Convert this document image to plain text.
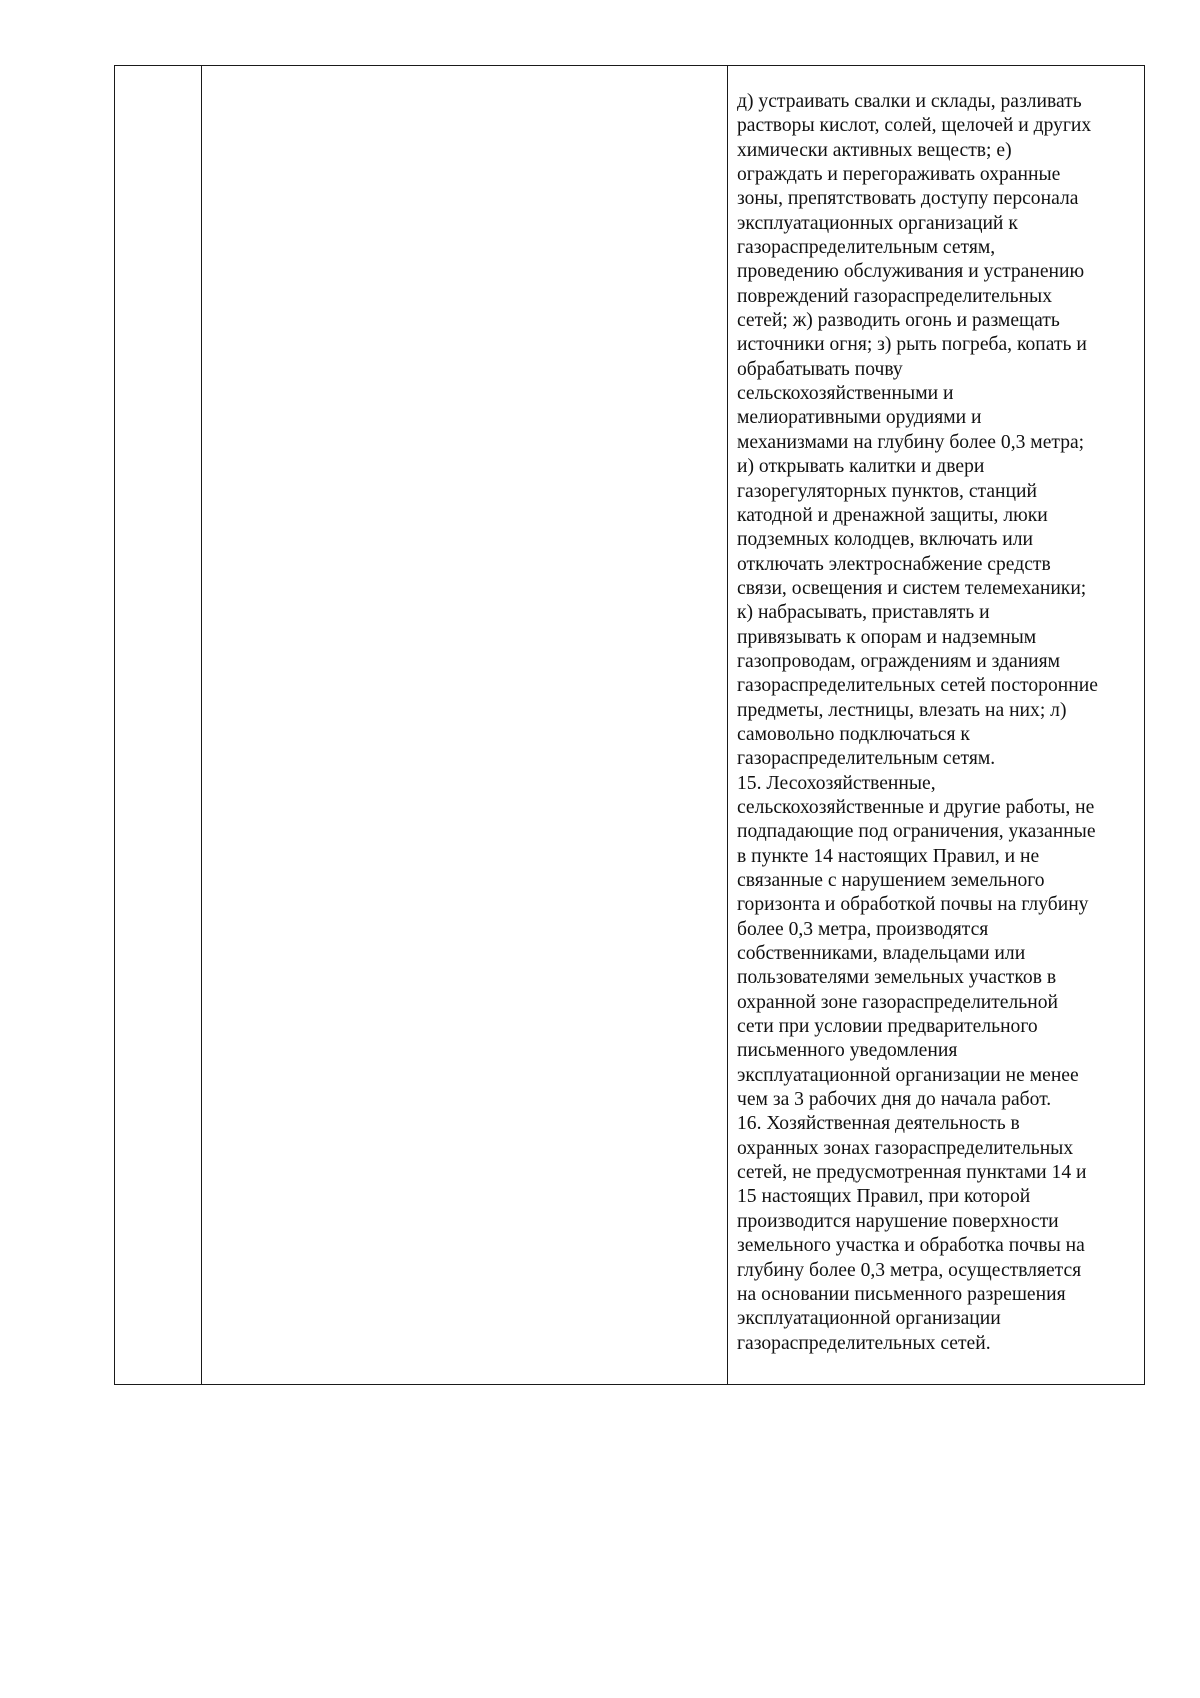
д) устраивать свалки и склады, разливать
растворы кислот, солей, щелочей и других
химически активных веществ; е)
ограждать и перегораживать охранные
зоны, препятствовать доступу персонала
эксплуатационных организаций к
газораспределительным сетям,
проведению обслуживания и устранению
повреждений газораспределительных
сетей; ж) разводить огонь и размещать
источники огня; з) рыть погреба, копать и
обрабатывать почву
сельскохозяйственными и
мелиоративными орудиями и
механизмами на глубину более 0,3 метра;
и) открывать калитки и двери
газорегуляторных пунктов, станций
катодной и дренажной защиты, люки
подземных колодцев, включать или
отключать электроснабжение средств
связи, освещения и систем телемеханики;
к) набрасывать, приставлять и
привязывать к опорам и надземным
газопроводам, ограждениям и зданиям
газораспределительных сетей посторонние
предметы, лестницы, влезать на них; л)
самовольно подключаться к
газораспределительным сетям.

15. Лесохозяйственные,
сельскохозяйственные и другие работы, не
подпадающие под ограничения, указанные
в пункте 14 настоящих Правил, и не
связанные с нарушением земельного
горизонта и обработкой почвы на глубину
более 0,3 метра, производятся
собственниками, владельцами или
пользователями земельных участков в
охранной зоне газораспределительной
сети при условии предварительного
письменного уведомления
эксплуатационной организации не менее
чем за 3 рабочих дня до начала работ.

16. Хозяйственная деятельность в
охранных зонах газораспределительных
сетей, не предусмотренная пунктами 14 и
15 настоящих Правил, при которой
производится нарушение поверхности
земельного участка и обработка почвы на
глубину более 0,3 метра, осуществляется
на основании письменного разрешения
эксплуатационной организации
газораспределительных сетей.
